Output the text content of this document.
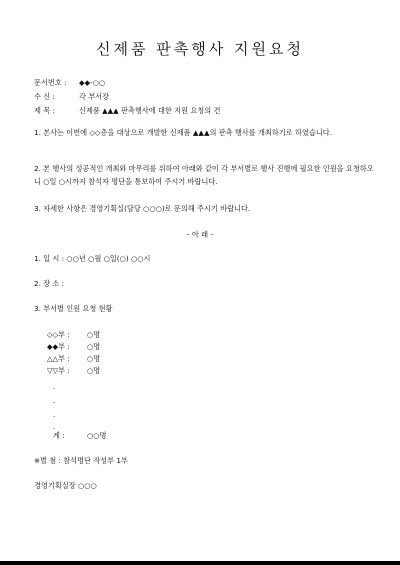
신제품 판촉행사 지원요청
문서번호 : ◆◆-○○
수 신 :	각 부서장
제 목 :	신제품 ▲▲▲ 판촉행사에 대한 지원 요청의 건
1. 본사는 이번에 ◇◇층을 대상으로 개발한 신제품 ▲▲▲의 판촉 행사를 개최하기로 하였습니다.
2. 본 행사의 성공적인 개최와 마무리를 위하여 아래와 같이 각 부서별로 행사 진행에 필요한 인원을 요청하오니 ○일 ○시까지 참석자 명단을 통보하여 주시기 바랍니다.
3. 자세한 사항은 경영기획실(담당 ○○○)로 문의해 주시기 바랍니다.
- 아 래 -
1. 일 시 : ○○년 ○월 ○일(○) ○○시
2. 장 소 :
3. 부서별 인원 요청 현황
◇◇부 : ○명
◆◆부 : ○명
△△부 : ○명
▽▽부 : ○명
.
.
.
.
계 :	○○명
※별 첨 : 참석명단 작성부 1부
경영기획실장 ○○○
